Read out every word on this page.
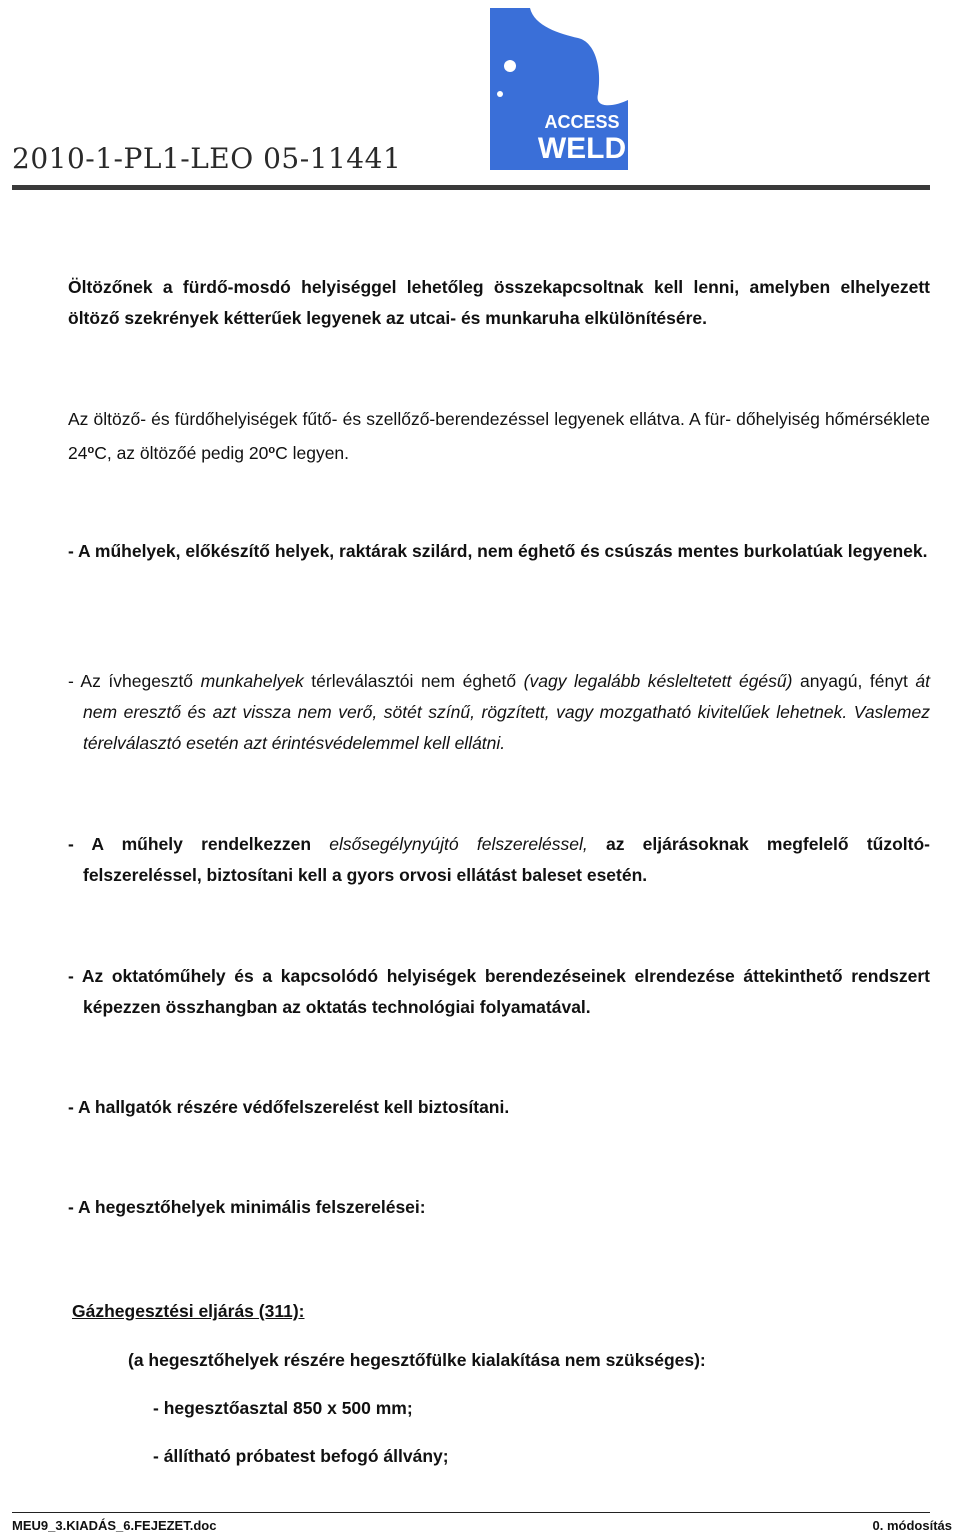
2010-1-PL1-LEO 05-11441
ACCESS
WELD
Öltözőnek a fürdő-mosdó helyiséggel lehetőleg összekapcsoltnak kell lenni, amelyben elhelyezett öltöző szekrények kétterűek legyenek az utcai- és munkaruha elkülönítésére.
Az öltöző- és fürdőhelyiségek fűtő- és szellőző-berendezéssel legyenek ellátva. A für- dőhelyiség hőmérséklete 24$^o$C, az öltözőé pedig 20$^o$C legyen.
- A műhelyek, előkészítő helyek, raktárak szilárd, nem éghető és csúszás mentes burkolatúak legyenek.
- Az ívhegesztő munkahelyek térleválasztói nem éghető (vagy legalább késleltetett égésű) anyagú, fényt át nem eresztő és azt vissza nem verő, sötét színű, rögzített, vagy mozgatható kivitelűek lehetnek. Vaslemez térelválasztó esetén azt érintésvédelemmel kell ellátni.
- A műhely rendelkezzen elsősegélynyújtó felszereléssel, az eljárásoknak megfelelő tűzoltó- felszereléssel, biztosítani kell a gyors orvosi ellátást baleset esetén.
- Az oktatóműhely és a kapcsolódó helyiségek berendezéseinek elrendezése áttekinthető rendszert képezzen összhangban az oktatás technológiai folyamatával.
- A hallgatók részére védőfelszerelést kell biztosítani.
- A hegesztőhelyek minimális felszerelései:
Gázhegesztési eljárás (311):
(a hegesztőhelyek részére hegesztőfülke kialakítása nem szükséges):
- hegesztőasztal 850 x 500 mm;
- állítható próbatest befogó állvány;
MEU9_3.KIADÁS_6.FEJEZET.doc	0. módosítás
